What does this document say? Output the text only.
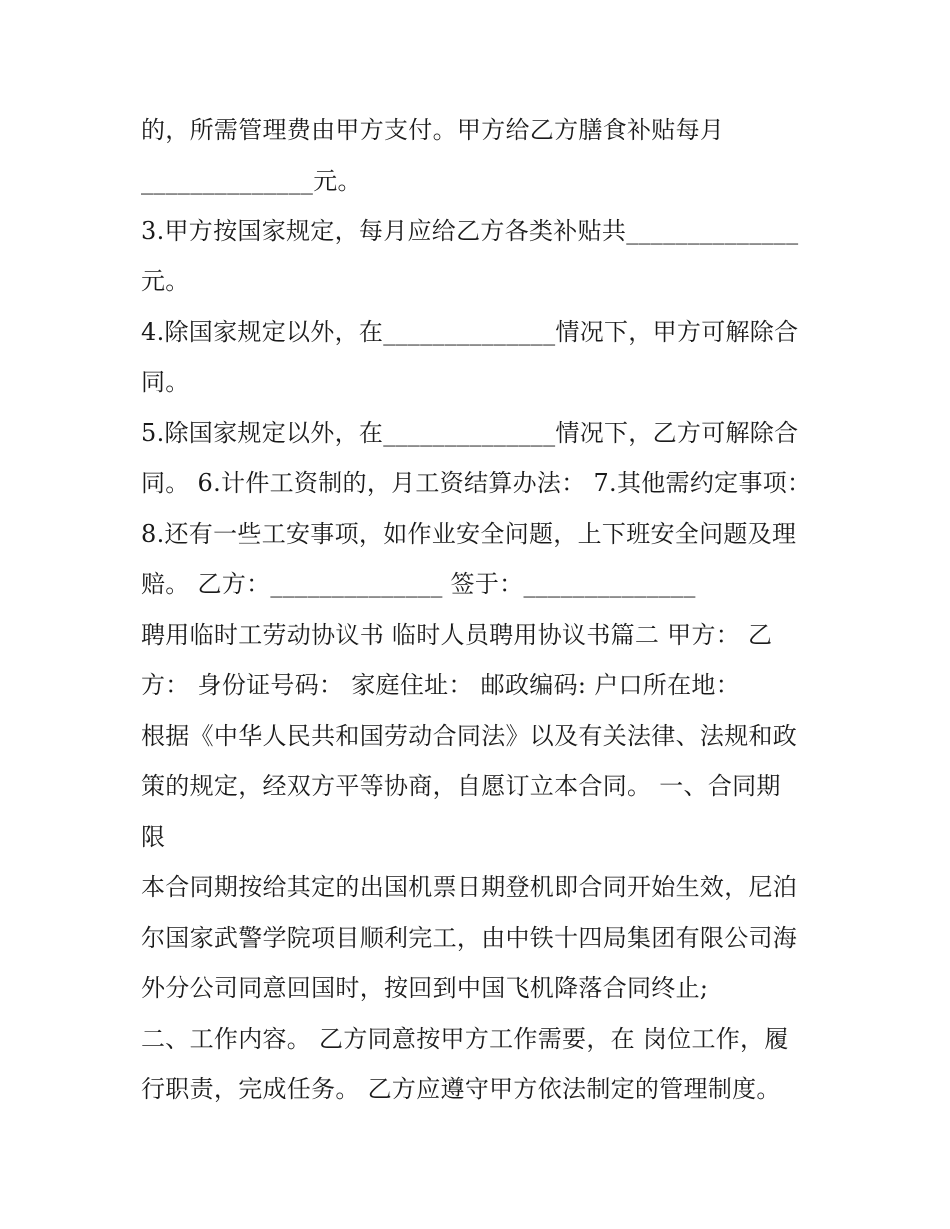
的，所需管理费由甲方支付。甲方给乙方膳食补贴每月
______________元。
3.甲方按国家规定，每月应给乙方各类补贴共______________
元。
4.除国家规定以外，在______________情况下，甲方可解除合
同。
5.除国家规定以外，在______________情况下，乙方可解除合
同。 6.计件工资制的，月工资结算办法： 7.其他需约定事项：
8.还有一些工安事项，如作业安全问题，上下班安全问题及理
赔。 乙方：______________ 签于：______________
聘用临时工劳动协议书 临时人员聘用协议书篇二 甲方： 乙
方： 身份证号码： 家庭住址： 邮政编码: 户口所在地：
根据《中华人民共和国劳动合同法》以及有关法律、法规和政
策的规定，经双方平等协商，自愿订立本合同。 一、合同期
限
本合同期按给其定的出国机票日期登机即合同开始生效，尼泊
尔国家武警学院项目顺利完工，由中铁十四局集团有限公司海
外分公司同意回国时，按回到中国飞机降落合同终止;
二、工作内容。 乙方同意按甲方工作需要，在 岗位工作，履
行职责，完成任务。 乙方应遵守甲方依法制定的管理制度。
